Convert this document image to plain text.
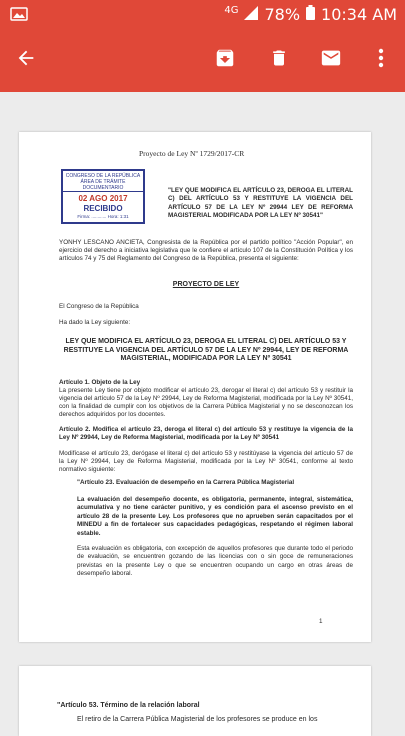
4G 78% 10:34 AM
Proyecto de Ley Nº 1729/2017-CR
CONGRESO DE LA REPÚBLICA
ÁREA DE TRÁMITE DOCUMENTARIO
02 AGO 2017
RECIBIDO
Firma: ............ Hora: 1:31
"LEY QUE MODIFICA EL ARTÍCULO 23, DEROGA EL LITERAL C) DEL ARTÍCULO 53 Y RESTITUYE LA VIGENCIA DEL ARTÍCULO 57 DE LA LEY Nº 29944 LEY DE REFORMA MAGISTERIAL MODIFICADA POR LA LEY Nº 30541"
YONHY LESCANO ANCIETA, Congresista de la República por el partido político "Acción Popular", en ejercicio del derecho a iniciativa legislativa que le confiere el artículo 107 de la Constitución Política y los artículos 74 y 75 del Reglamento del Congreso de la República, presenta el siguiente:
PROYECTO DE LEY
El Congreso de la República
Ha dado la Ley siguiente:
LEY QUE MODIFICA EL ARTÍCULO 23, DEROGA EL LITERAL C) DEL ARTÍCULO 53 Y RESTITUYE LA VIGENCIA DEL ARTÍCULO 57 DE LA LEY Nº 29944, LEY DE REFORMA MAGISTERIAL, MODIFICADA POR LA LEY Nº 30541
Artículo 1. Objeto de la Ley
La presente Ley tiene por objeto modificar el artículo 23, derogar el literal c) del artículo 53 y restituir la vigencia del artículo 57 de la Ley Nº 29944, Ley de Reforma Magisterial, modificada por la Ley Nº 30541, con la finalidad de cumplir con los objetivos de la Carrera Pública Magisterial y no se desconozcan los derechos adquiridos por los docentes.
Artículo 2. Modifica el artículo 23, deroga el literal c) del artículo 53 y restituye la vigencia de la Ley Nº 29944, Ley de Reforma Magisterial, modificada por la Ley Nº 30541
Modifícase el artículo 23, derógase el literal c) del artículo 53 y restitúyase la vigencia del artículo 57 de la Ley Nº 29944, Ley de Reforma Magisterial, modificada por la Ley Nº 30541, conforme al texto normativo siguiente:
"Artículo 23. Evaluación de desempeño en la Carrera Pública Magisterial
La evaluación del desempeño docente, es obligatoria, permanente, integral, sistemática, acumulativa y no tiene carácter punitivo, y es condición para el ascenso previsto en el artículo 28 de la presente Ley. Los profesores que no aprueben serán capacitados por el MINEDU a fin de fortalecer sus capacidades pedagógicas, respetando el régimen laboral estable.
Esta evaluación es obligatoria, con excepción de aquellos profesores que durante todo el periodo de evaluación, se encuentren gozando de las licencias con o sin goce de remuneraciones previstas en la presente Ley o que se encuentren ocupando un cargo en otras áreas de desempeño laboral.
1
"Artículo 53. Término de la relación laboral
El retiro de la Carrera Pública Magisterial de los profesores se produce en los
